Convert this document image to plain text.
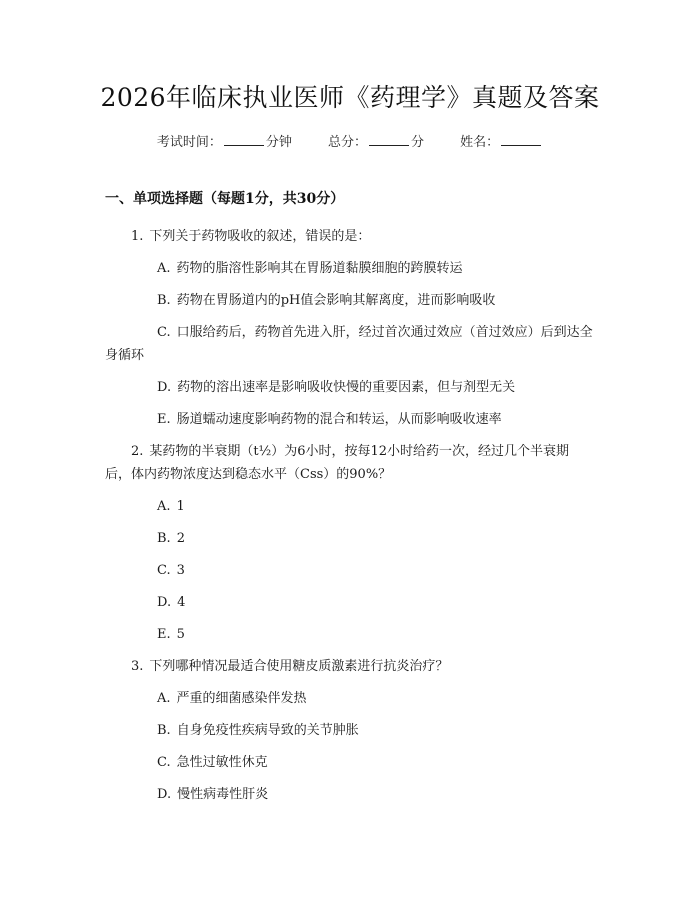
2026年临床执业医师《药理学》真题及答案
考试时间：	分钟	总分：	分	姓名：
一、单项选择题（每题1分，共30分）
1. 下列关于药物吸收的叙述，错误的是：
A. 药物的脂溶性影响其在胃肠道黏膜细胞的跨膜转运
B. 药物在胃肠道内的pH值会影响其解离度，进而影响吸收
C. 口服给药后，药物首先进入肝，经过首次通过效应（首过效应）后到达全身循环
D. 药物的溶出速率是影响吸收快慢的重要因素，但与剂型无关
E. 肠道蠕动速度影响药物的混合和转运，从而影响吸收速率
2. 某药物的半衰期（t½）为6小时，按每12小时给药一次，经过几个半衰期后，体内药物浓度达到稳态水平（Css）的90%？
A. 1
B. 2
C. 3
D. 4
E. 5
3. 下列哪种情况最适合使用糖皮质激素进行抗炎治疗？
A. 严重的细菌感染伴发热
B. 自身免疫性疾病导致的关节肿胀
C. 急性过敏性休克
D. 慢性病毒性肝炎
